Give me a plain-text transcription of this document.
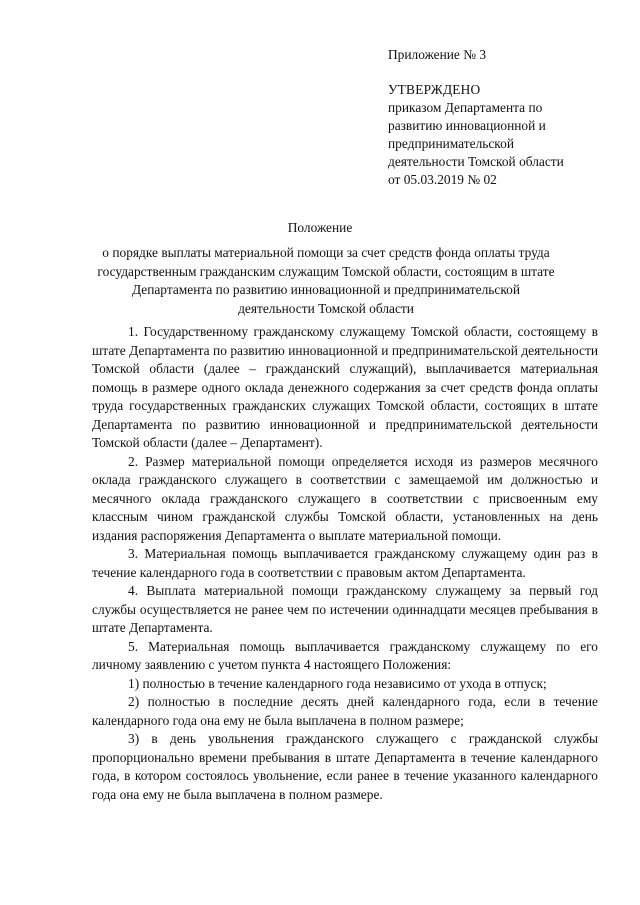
Приложение № 3
УТВЕРЖДЕНО
приказом Департамента по
развитию инновационной и
предпринимательской
деятельности Томской области
от 05.03.2019 № 02
Положение
о порядке выплаты материальной помощи за счет средств фонда оплаты труда государственным гражданским служащим Томской области, состоящим в штате Департамента по развитию инновационной и предпринимательской деятельности Томской области

1. Государственному гражданскому служащему Томской области, состоящему в штате Департамента по развитию инновационной и предпринимательской деятельности Томской области (далее – гражданский служащий), выплачивается материальная помощь в размере одного оклада денежного содержания за счет средств фонда оплаты труда государственных гражданских служащих Томской области, состоящих в штате Департамента по развитию инновационной и предпринимательской деятельности Томской области (далее – Департамент).

2. Размер материальной помощи определяется исходя из размеров месячного оклада гражданского служащего в соответствии с замещаемой им должностью и месячного оклада гражданского служащего в соответствии с присвоенным ему классным чином гражданской службы Томской области, установленных на день издания распоряжения Департамента о выплате материальной помощи.

3. Материальная помощь выплачивается гражданскому служащему один раз в течение календарного года в соответствии с правовым актом Департамента.

4. Выплата материальной помощи гражданскому служащему за первый год службы осуществляется не ранее чем по истечении одиннадцати месяцев пребывания в штате Департамента.

5. Материальная помощь выплачивается гражданскому служащему по его личному заявлению с учетом пункта 4 настоящего Положения:

1) полностью в течение календарного года независимо от ухода в отпуск;

2) полностью в последние десять дней календарного года, если в течение календарного года она ему не была выплачена в полном размере;

3) в день увольнения гражданского служащего с гражданской службы пропорционально времени пребывания в штате Департамента в течение календарного года, в котором состоялось увольнение, если ранее в течение указанного календарного года она ему не была выплачена в полном размере.
